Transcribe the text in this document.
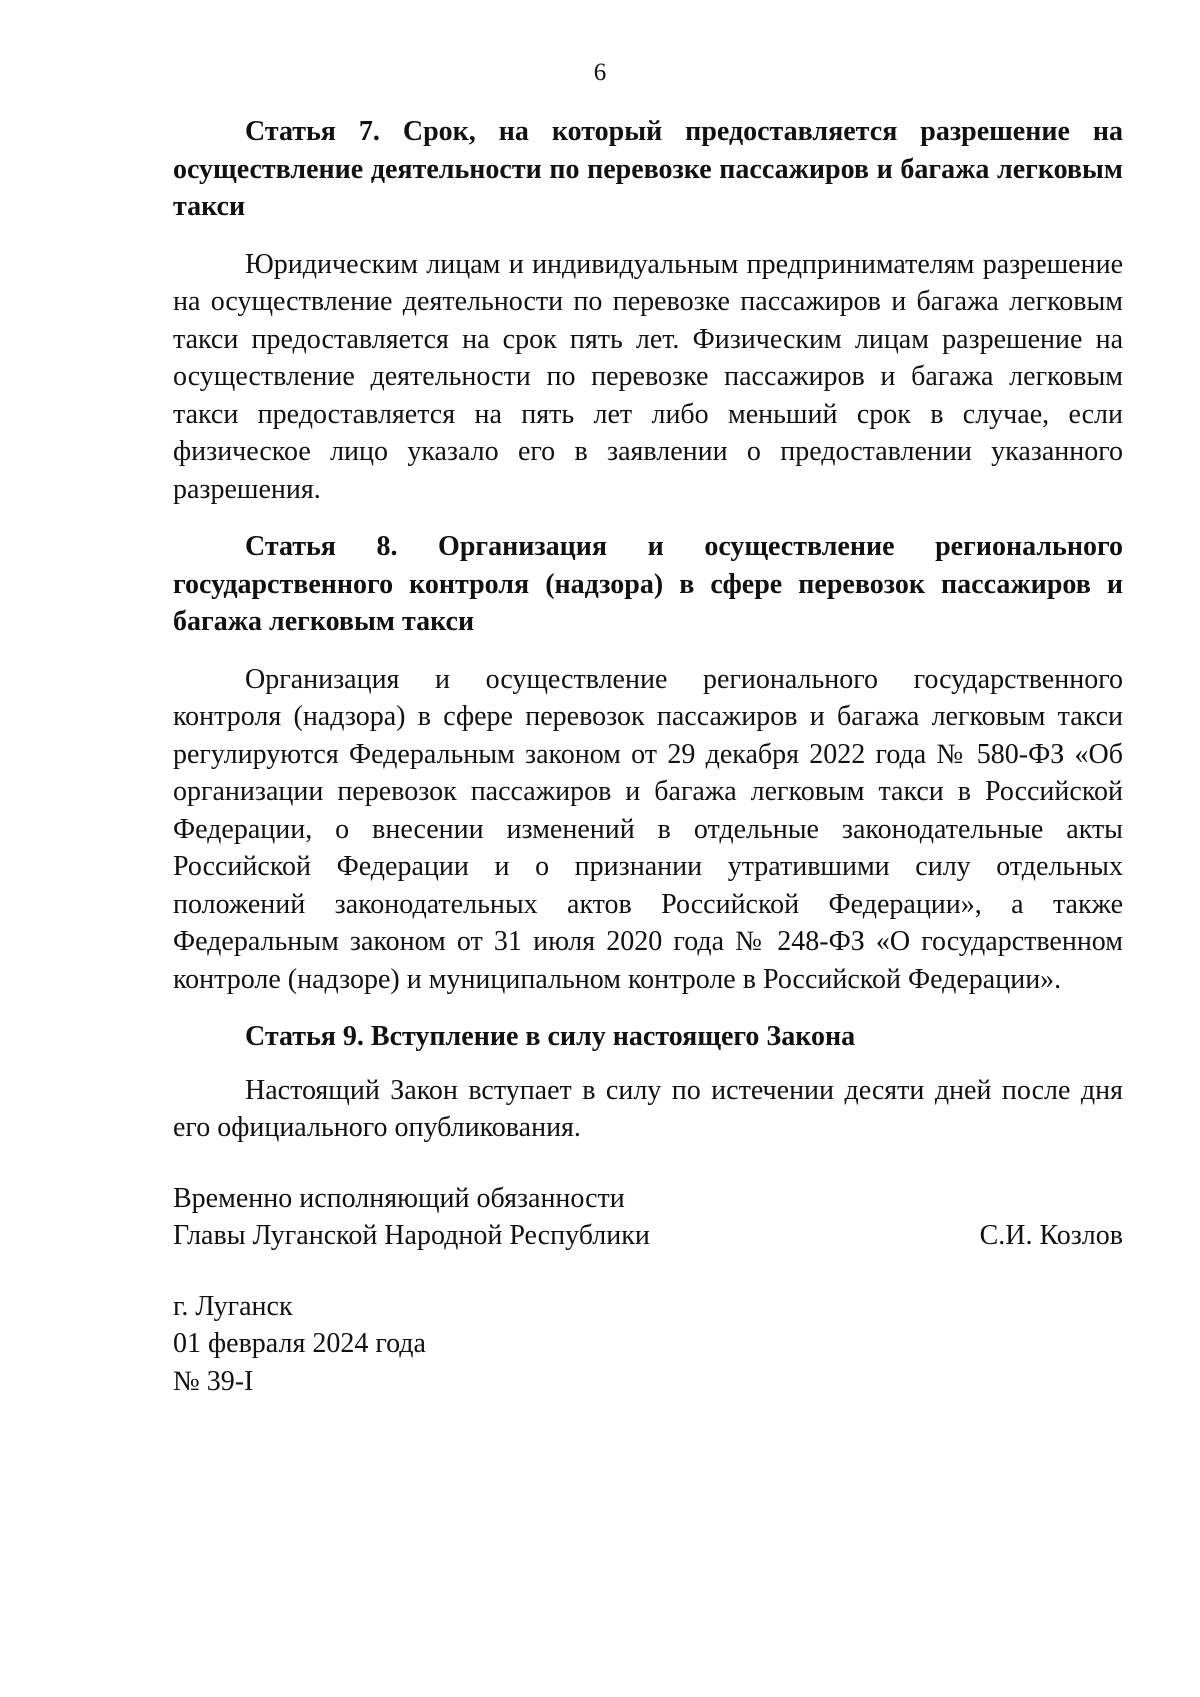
6

Статья 7. Срок, на который предоставляется разрешение на осуществление деятельности по перевозке пассажиров и багажа легковым такси

Юридическим лицам и индивидуальным предпринимателям разрешение на осуществление деятельности по перевозке пассажиров и багажа легковым такси предоставляется на срок пять лет. Физическим лицам разрешение на осуществление деятельности по перевозке пассажиров и багажа легковым такси предоставляется на пять лет либо меньший срок в случае, если физическое лицо указало его в заявлении о предоставлении указанного разрешения.

Статья 8. Организация и осуществление регионального государственного контроля (надзора) в сфере перевозок пассажиров и багажа легковым такси

Организация и осуществление регионального государственного контроля (надзора) в сфере перевозок пассажиров и багажа легковым такси регулируются Федеральным законом от 29 декабря 2022 года № 580-ФЗ «Об организации перевозок пассажиров и багажа легковым такси в Российской Федерации, о внесении изменений в отдельные законодательные акты Российской Федерации и о признании утратившими силу отдельных положений законодательных актов Российской Федерации», а также Федеральным законом от 31 июля 2020 года № 248-ФЗ «О государственном контроле (надзоре) и муниципальном контроле в Российской Федерации».

Статья 9. Вступление в силу настоящего Закона

Настоящий Закон вступает в силу по истечении десяти дней после дня его официального опубликования.

Временно исполняющий обязанности
Главы Луганской Народной Республики	С.И. Козлов
г. Луганск
01 февраля 2024 года
№ 39-I
